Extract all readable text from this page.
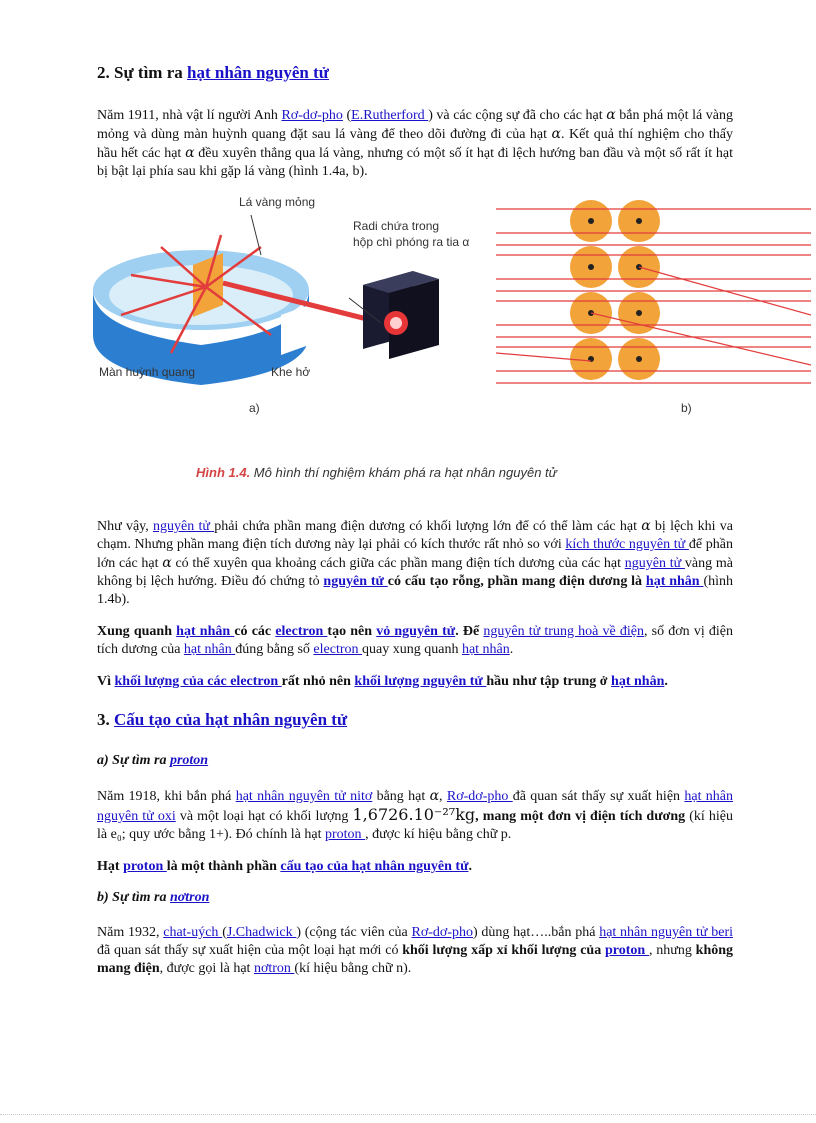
2. Sự tìm ra hạt nhân nguyên tử

Năm 1911, nhà vật lí người Anh Rơ-dơ-pho (E.Rutherford ) và các cộng sự đã cho các hạt α bắn phá một lá vàng mỏng và dùng màn huỳnh quang đặt sau lá vàng để theo dõi đường đi của hạt α. Kết quả thí nghiệm cho thấy hầu hết các hạt α đều xuyên thẳng qua lá vàng, nhưng có một số ít hạt đi lệch hướng ban đầu và một số rất ít hạt bị bật lại phía sau khi gặp lá vàng (hình 1.4a, b).

Lá vàng mỏng
Radi chứa trong
hộp chì phóng ra tia α
Màn huỳnh quang	Khe hở
a)	b)
Hình 1.4. Mô hình thí nghiệm khám phá ra hạt nhân nguyên tử

Như vậy, nguyên tử phải chứa phần mang điện dương có khối lượng lớn để có thể làm các hạt α bị lệch khi va chạm. Nhưng phần mang điện tích dương này lại phải có kích thước rất nhỏ so với kích thước nguyên tử để phần lớn các hạt α có thể xuyên qua khoảng cách giữa các phần mang điện tích dương của các hạt nguyên tử vàng mà không bị lệch hướng. Điều đó chứng tỏ nguyên tử có cấu tạo rỗng, phần mang điện dương là hạt nhân (hình 1.4b).

Xung quanh hạt nhân có các electron tạo nên vỏ nguyên tử. Để nguyên tử trung hoà về điện, số đơn vị điện tích dương của hạt nhân đúng bằng số electron quay xung quanh hạt nhân.

Vì khối lượng của các electron rất nhỏ nên khối lượng nguyên tử hầu như tập trung ở hạt nhân.

3. Cấu tạo của hạt nhân nguyên tử
a) Sự tìm ra proton

Năm 1918, khi bắn phá hạt nhân nguyên tử nitơ bằng hạt α, Rơ-dơ-pho đã quan sát thấy sự xuất hiện hạt nhân nguyên tử oxi và một loại hạt có khối lượng 1,6726.10⁻²⁷kg, mang một đơn vị điện tích dương (kí hiệu là e₀; quy ước bằng 1+). Đó chính là hạt proton , được kí hiệu bằng chữ p.

Hạt proton là một thành phần cấu tạo của hạt nhân nguyên tử.

b) Sự tìm ra nơtron

Năm 1932, chat-uých (J.Chadwick ) (cộng tác viên của Rơ-dơ-pho) dùng hạt…..bắn phá hạt nhân nguyên tử beri đã quan sát thấy sự xuất hiện của một loại hạt mới có khối lượng xấp xỉ khối lượng của proton , nhưng không mang điện, được gọi là hạt nơtron (kí hiệu bằng chữ n).
